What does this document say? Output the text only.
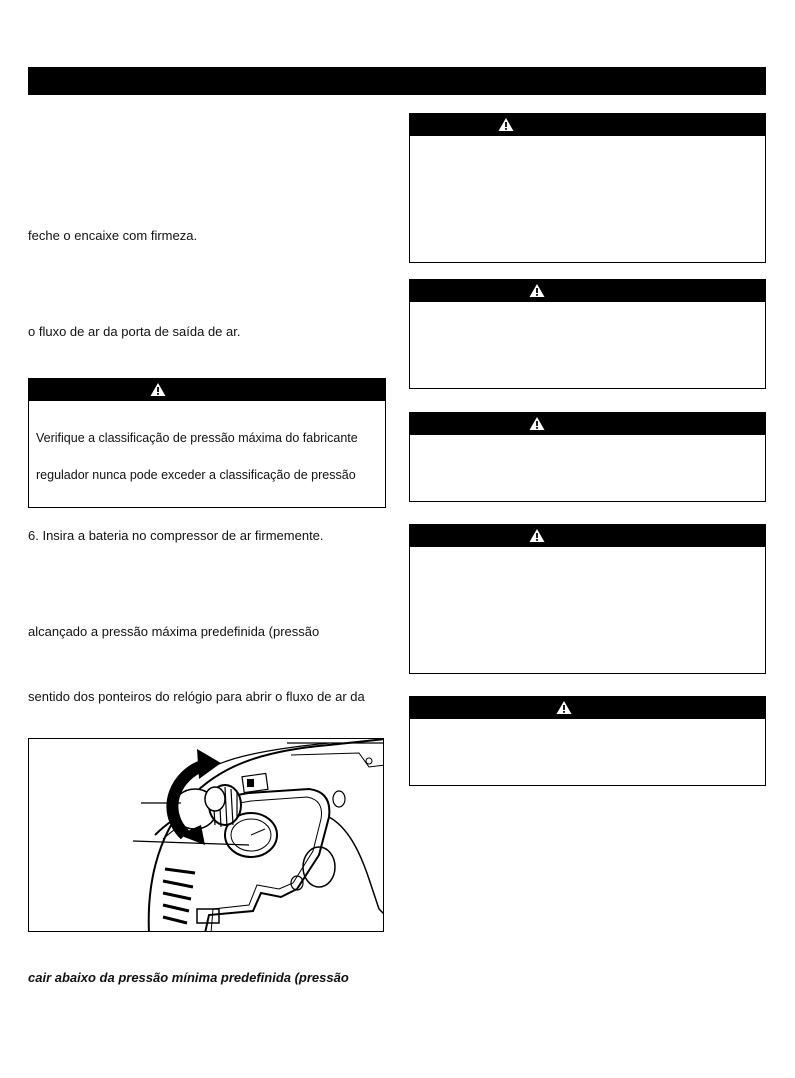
feche o encaixe com firmeza.
o fluxo de ar da porta de saída de ar.
Verifique a classificação de pressão máxima do fabricante
regulador nunca pode exceder a classificação de pressão
6. Insira a bateria no compressor de ar firmemente.
alcançado a pressão máxima predefinida (pressão
sentido dos ponteiros do relógio para abrir o fluxo de ar da
cair abaixo da pressão mínima predefinida (pressão
